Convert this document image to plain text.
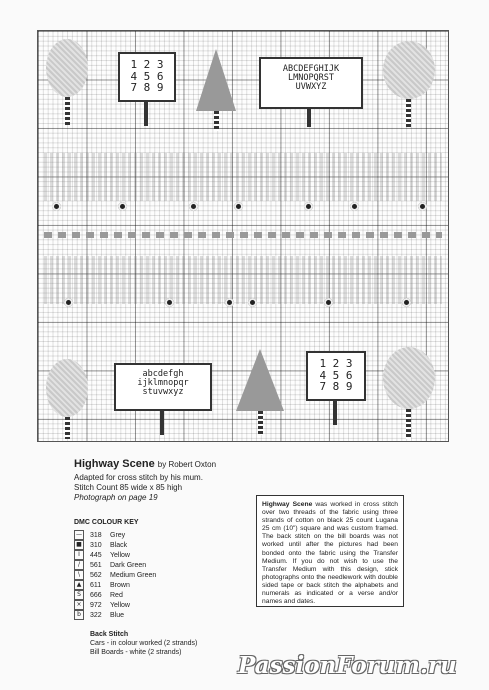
1 2 3
4 5 6
7 8 9
ABCDEFGHIJK
LMNOPQRST
UVWXYZ
abcdefgh
ijklmnopqr
stuvwxyz
1 2 3
4 5 6
7 8 9
Highway Scene by Robert Oxton
Adapted for cross stitch by his mum.
Stitch Count 85 wide x 85 high
Photograph on page 19
DMC COLOUR KEY
— 318	Grey
■	310	Black
I	445	Yellow
/	561	Dark Green
\	562	Medium Green
▲	611	Brown
S	666	Red
×	972	Yellow
b	322	Blue
Back Stitch
Cars - in colour worked (2 strands)
Bill Boards - white (2 strands)
Highway Scene was worked in cross stitch over two threads of the fabric using three strands of cotton on black 25 count Lugana 25 cm (10") square and was custom framed. The back stitch on the bill boards was not worked until after the pictures had been bonded onto the fabric using the Transfer Medium. If you do not wish to use the Transfer Medium with this design, stick photographs onto the needlework with double sided tape or back stitch the alphabets and numerals as indicated or a verse and/or names and dates.
PassionForum.ru
